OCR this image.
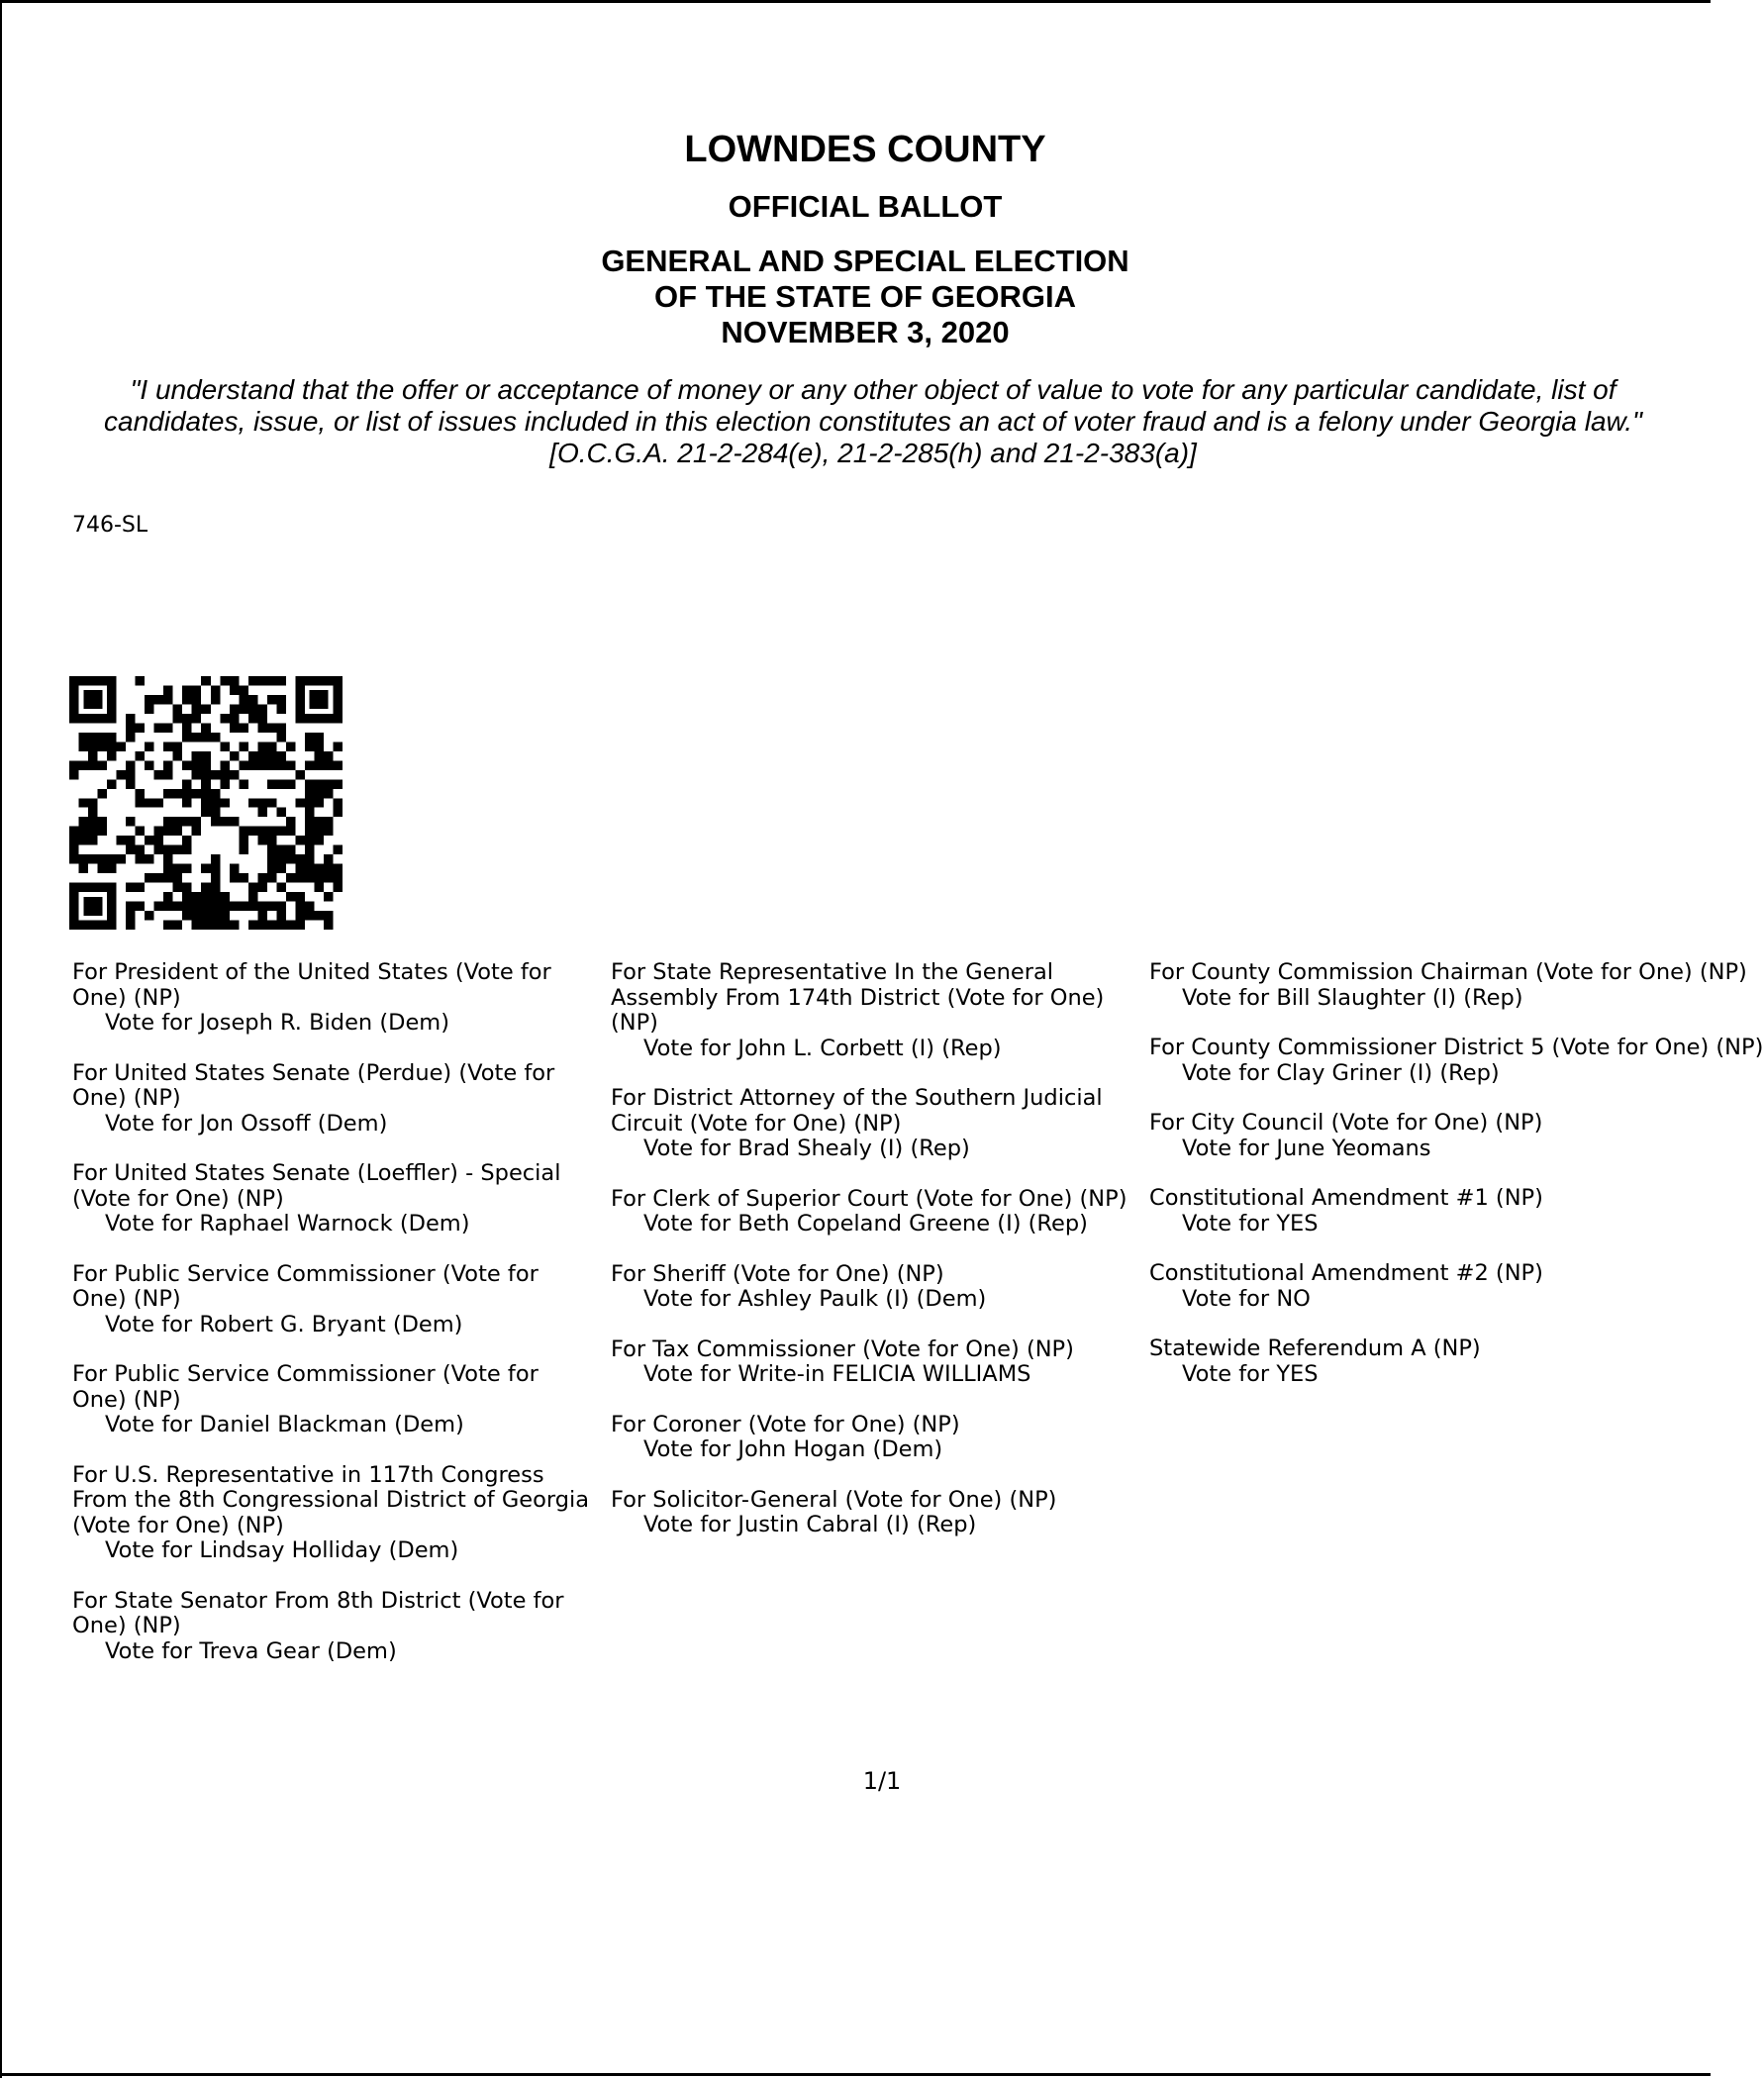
LOWNDES COUNTY
OFFICIAL BALLOT
GENERAL AND SPECIAL ELECTION
OF THE STATE OF GEORGIA
NOVEMBER 3, 2020

"I understand that the offer or acceptance of money or any other object of value to vote for any particular candidate, list of candidates, issue, or list of issues included in this election constitutes an act of voter fraud and is a felony under Georgia law." [O.C.G.A. 21-2-284(e), 21-2-285(h) and 21-2-383(a)]

746-SL
For President of the United States (Vote for One) (NP)
Vote for Joseph R. Biden (Dem)
For United States Senate (Perdue) (Vote for One) (NP)
Vote for Jon Ossoff (Dem)
For United States Senate (Loeffler) - Special (Vote for One) (NP)
Vote for Raphael Warnock (Dem)
For Public Service Commissioner (Vote for One) (NP)
Vote for Robert G. Bryant (Dem)
For Public Service Commissioner (Vote for One) (NP)
Vote for Daniel Blackman (Dem)
For U.S. Representative in 117th Congress From the 8th Congressional District of Georgia (Vote for One) (NP)
Vote for Lindsay Holliday (Dem)
For State Senator From 8th District (Vote for One) (NP)
Vote for Treva Gear (Dem)
For State Representative In the General Assembly From 174th District (Vote for One) (NP)
Vote for John L. Corbett (I) (Rep)
For District Attorney of the Southern Judicial Circuit (Vote for One) (NP)
Vote for Brad Shealy (I) (Rep)
For Clerk of Superior Court (Vote for One) (NP)
Vote for Beth Copeland Greene (I) (Rep)
For Sheriff (Vote for One) (NP)
Vote for Ashley Paulk (I) (Dem)
For Tax Commissioner (Vote for One) (NP)
Vote for Write-in FELICIA WILLIAMS
For Coroner (Vote for One) (NP)
Vote for John Hogan (Dem)
For Solicitor-General (Vote for One) (NP)
Vote for Justin Cabral (I) (Rep)
For County Commission Chairman (Vote for One) (NP)
Vote for Bill Slaughter (I) (Rep)
For County Commissioner District 5 (Vote for One) (NP)
Vote for Clay Griner (I) (Rep)
For City Council (Vote for One) (NP)
Vote for June Yeomans
Constitutional Amendment #1 (NP)
Vote for YES
Constitutional Amendment #2 (NP)
Vote for NO
Statewide Referendum A (NP)
Vote for YES
1/1
